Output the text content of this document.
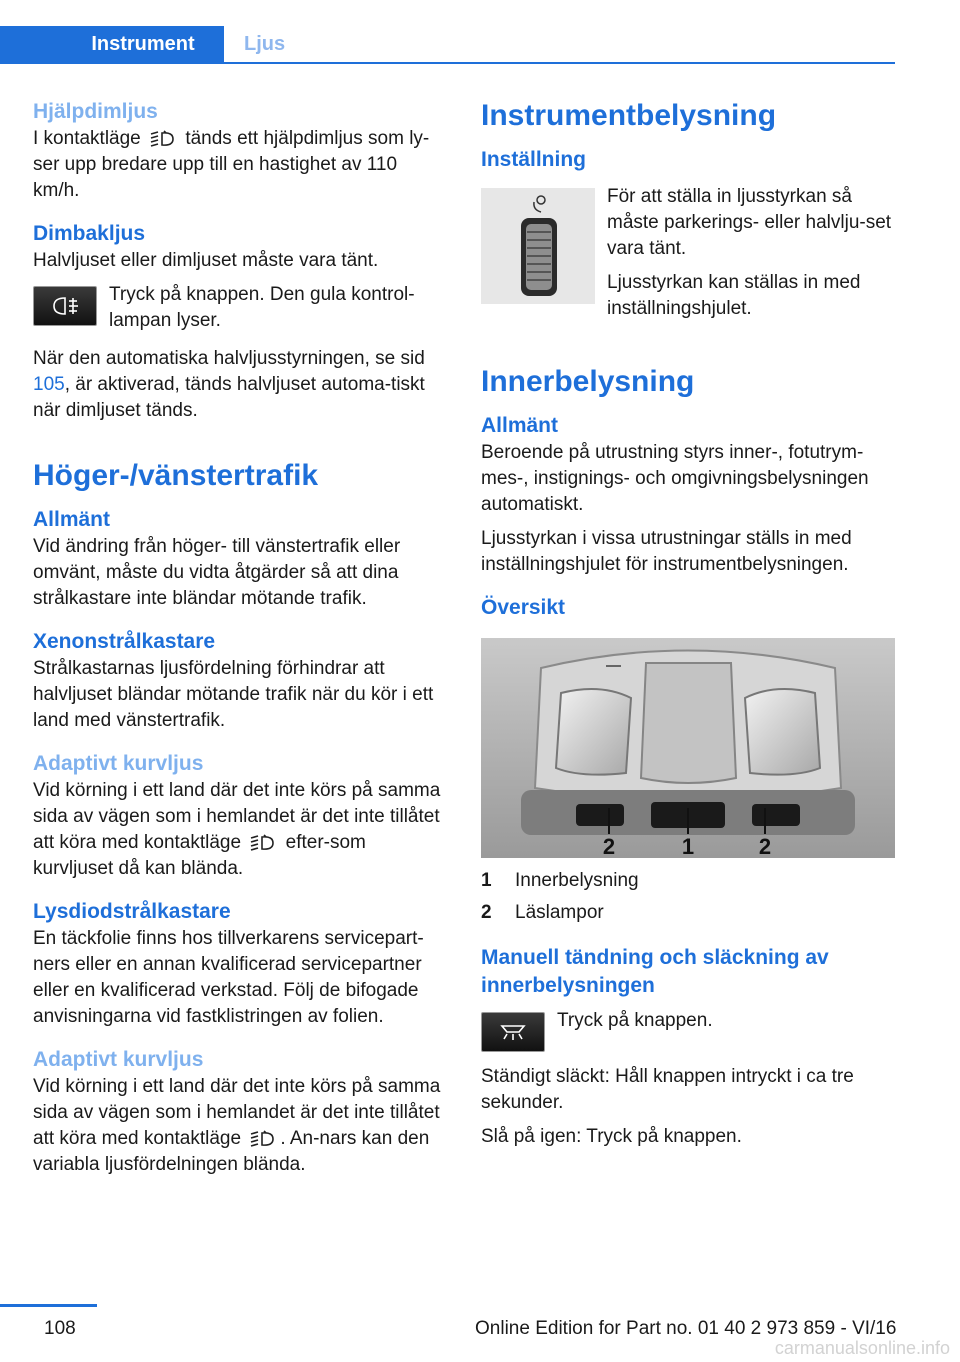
Instrument	Ljus
Hjälpdimljus

I kontaktläge tänds ett hjälpdimljus som ly‐ser upp bredare upp till en hastighet av 110 km/h.

Dimbakljus

Halvljuset eller dimljuset måste vara tänt.

Tryck på knappen. Den gula kontrol‐lampan lyser.

När den automatiska halvljusstyrningen, se sid 105, är aktiverad, tänds halvljuset automa‐tiskt när dimljuset tänds.

Höger-/vänstertrafik
Allmänt

Vid ändring från höger- till vänstertrafik eller omvänt, måste du vidta åtgärder så att dina strålkastare inte bländar mötande trafik.

Xenonstrålkastare

Strålkastarnas ljusfördelning förhindrar att halvljuset bländar mötande trafik när du kör i ett land med vänstertrafik.

Adaptivt kurvljus

Vid körning i ett land där det inte körs på samma sida av vägen som i hemlandet är det inte tillåtet att köra med kontaktläge efter‐som kurvljuset då kan blända.

Lysdiodstrålkastare

En täckfolie finns hos tillverkarens servicepart‐ners eller en annan kvalificerad servicepartner eller en kvalificerad verkstad. Följ de bifogade anvisningarna vid fastklistringen av folien.

Adaptivt kurvljus

Vid körning i ett land där det inte körs på samma sida av vägen som i hemlandet är det inte tillåtet att köra med kontaktläge . An‐nars kan den variabla ljusfördelningen blända.

Instrumentbelysning
Inställning

För att ställa in ljusstyrkan så måste parkerings- eller halvlju‐set vara tänt.

Ljusstyrkan kan ställas in med inställningshjulet.

Innerbelysning
Allmänt

Beroende på utrustning styrs inner-, fotutrym‐mes-, instignings- och omgivningsbelysningen automatiskt.

Ljusstyrkan i vissa utrustningar ställs in med inställningshjulet för instrumentbelysningen.

Översikt
2	1	2
1	Innerbelysning
2	Läslampor
Manuell tändning och släckning av innerbelysningen
Tryck på knappen.

Ständigt släckt: Håll knappen intryckt i ca tre sekunder.

Slå på igen: Tryck på knappen.

108	Online Edition for Part no. 01 40 2 973 859 - VI/16
carmanualsonline.info
